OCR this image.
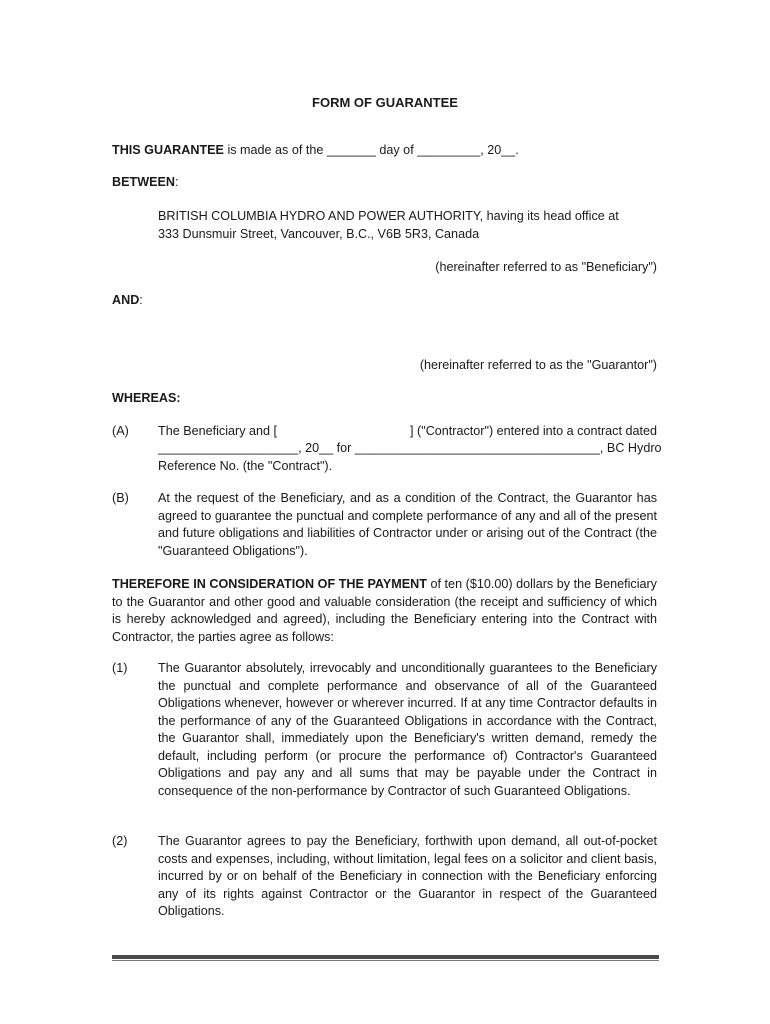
FORM OF GUARANTEE
THIS GUARANTEE is made as of the _______ day of _________, 20__.
BETWEEN:
BRITISH COLUMBIA HYDRO AND POWER AUTHORITY, having its head office at
333 Dunsmuir Street, Vancouver, B.C., V6B 5R3, Canada
(hereinafter referred to as "Beneficiary")
AND:
(hereinafter referred to as the "Guarantor")
WHEREAS:
(A) The Beneficiary and [	] ("Contractor") entered into a contract dated
____________________, 20__ for ___________________________________, BC Hydro
Reference No. (the "Contract").
(B) At the request of the Beneficiary, and as a condition of the Contract, the Guarantor has agreed to guarantee the punctual and complete performance of any and all of the present and future obligations and liabilities of Contractor under or arising out of the Contract (the "Guaranteed Obligations").
THEREFORE IN CONSIDERATION OF THE PAYMENT of ten ($10.00) dollars by the Beneficiary to the Guarantor and other good and valuable consideration (the receipt and sufficiency of which is hereby acknowledged and agreed), including the Beneficiary entering into the Contract with Contractor, the parties agree as follows:
(1) The Guarantor absolutely, irrevocably and unconditionally guarantees to the Beneficiary the punctual and complete performance and observance of all of the Guaranteed Obligations whenever, however or wherever incurred. If at any time Contractor defaults in the performance of any of the Guaranteed Obligations in accordance with the Contract, the Guarantor shall, immediately upon the Beneficiary's written demand, remedy the default, including perform (or procure the performance of) Contractor's Guaranteed Obligations and pay any and all sums that may be payable under the Contract in consequence of the non-performance by Contractor of such Guaranteed Obligations.
(2) The Guarantor agrees to pay the Beneficiary, forthwith upon demand, all out-of-pocket costs and expenses, including, without limitation, legal fees on a solicitor and client basis, incurred by or on behalf of the Beneficiary in connection with the Beneficiary enforcing any of its rights against Contractor or the Guarantor in respect of the Guaranteed Obligations.
